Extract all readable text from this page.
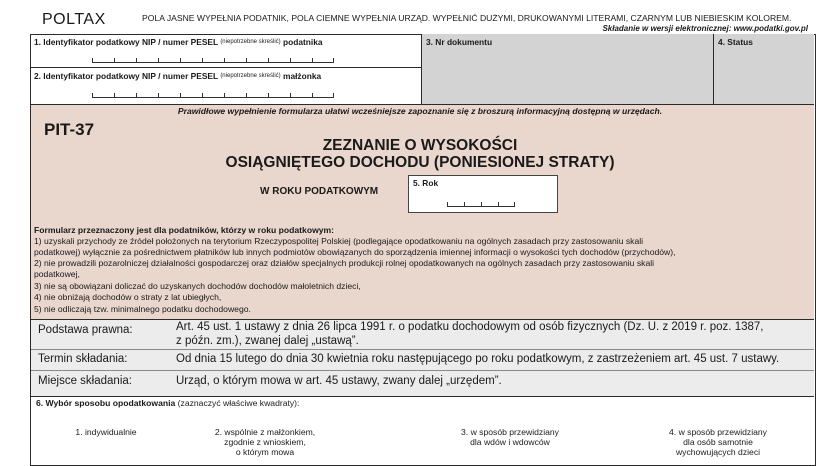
POLTAX	POLA JASNE WYPEŁNIA PODATNIK, POLA CIEMNE WYPEŁNIA URZĄD. WYPEŁNIĆ DUŻYMI, DRUKOWANYMI LITERAMI, CZARNYM LUB NIEBIESKIM KOLOREM.
Składanie w wersji elektronicznej: www.podatki.gov.pl
1. Identyfikator podatkowy NIP / numer PESEL $^{(niepotrzebne skreślić)}$ podatnika
2. Identyfikator podatkowy NIP / numer PESEL $^{(niepotrzebne skreślić)}$ małżonka
3. Nr dokumentu	4. Status
Prawidłowe wypełnienie formularza ułatwi wcześniejsze zapoznanie się z broszurą informacyjną dostępną w urzędach.
PIT-37
ZEZNANIE O WYSOKOŚCI
OSIĄGNIĘTEGO DOCHODU (PONIESIONEJ STRATY)
W ROKU PODATKOWYM
5. Rok
Formularz przeznaczony jest dla podatników, którzy w roku podatkowym:
1) uzyskali przychody ze źródeł położonych na terytorium Rzeczypospolitej Polskiej (podlegające opodatkowaniu na ogólnych zasadach przy zastosowaniu skali
podatkowej) wyłącznie za pośrednictwem płatników lub innych podmiotów obowiązanych do sporządzenia imiennej informacji o wysokości tych dochodów (przychodów),
2) nie prowadzili pozarolniczej działalności gospodarczej oraz działów specjalnych produkcji rolnej opodatkowanych na ogólnych zasadach przy zastosowaniu skali
podatkowej,
3) nie są obowiązani doliczać do uzyskanych dochodów dochodów małoletnich dzieci,
4) nie obniżają dochodów o straty z lat ubiegłych,
5) nie odliczają tzw. minimalnego podatku dochodowego.
Podstawa prawna:	Art. 45 ust. 1 ustawy z dnia 26 lipca 1991 r. o podatku dochodowym od osób fizycznych (Dz. U. z 2019 r. poz. 1387,
z późn. zm.), zwanej dalej „ustawą”.
Termin składania:	Od dnia 15 lutego do dnia 30 kwietnia roku następującego po roku podatkowym, z zastrzeżeniem art. 45 ust. 7 ustawy.
Miejsce składania:	Urząd, o którym mowa w art. 45 ustawy, zwany dalej „urzędem”.
6. Wybór sposobu opodatkowania (zaznaczyć właściwe kwadraty):
1. indywidualnie	2. wspólnie z małżonkiem,
zgodnie z wnioskiem,
o którym mowa
3. w sposób przewidziany
dla wdów i wdowców
4. w sposób przewidziany
dla osób samotnie
wychowujących dzieci
